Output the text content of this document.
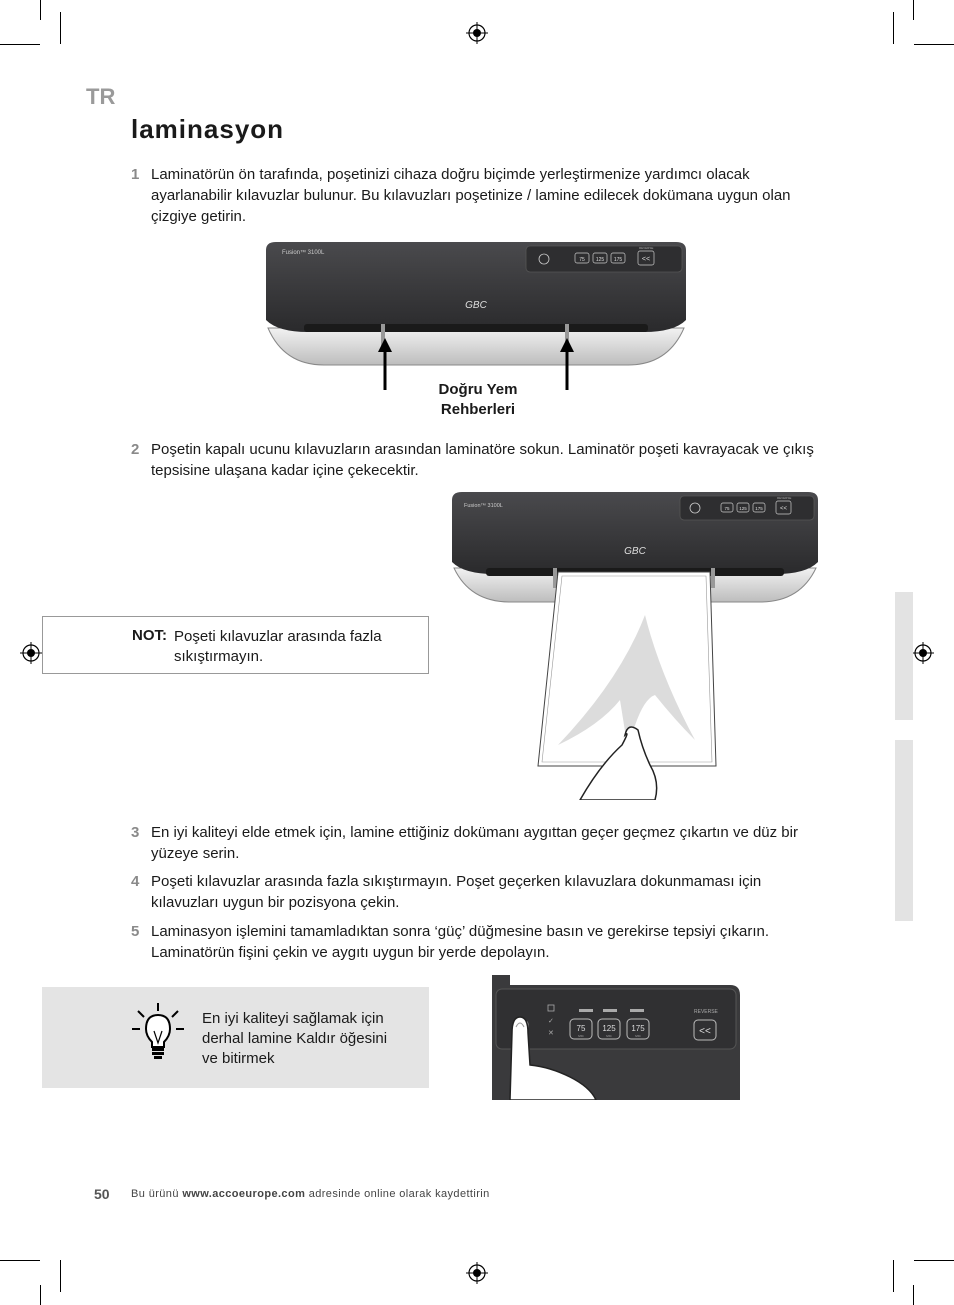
TR
laminasyon
1 Laminatörün ön tarafında, poşetinizi cihaza doğru biçimde yerleştirmenize yardımcı olacak ayarlanabilir kılavuzlar bulunur. Bu kılavuzları poşetinize / lamine edilecek dokümana uygun olan çizgiye getirin.
75 125 175	<<
REVERSE
Fusion™ 3100L
GBC
Doğru Yem
Rehberleri
2 Poşetin kapalı ucunu kılavuzların arasından laminatöre sokun. Laminatör poşeti kavrayacak ve çıkış tepsisine ulaşana kadar içine çekecektir.
75 125 175	<<
REVERSE
Fusion™ 3100L
GBC
NOT: Poşeti kılavuzlar arasında fazla sıkıştırmayın.
3 En iyi kaliteyi elde etmek için, lamine ettiğiniz dokümanı aygıttan geçer geçmez çıkartın ve düz bir yüzeye serin.
4 Poşeti kılavuzlar arasında fazla sıkıştırmayın. Poşet geçerken kılavuzlara dokunmaması için kılavuzları uygun bir pozisyona çekin.
5 Laminasyon işlemini tamamladıktan sonra ‘güç’ düğmesine basın ve gerekirse tepsiyi çıkarın. Laminatörün fişini çekin ve aygıtı uygun bir yerde depolayın.
En iyi kaliteyi sağlamak için derhal lamine Kaldır öğesini ve bitirmek
75 125 175
MIC	MIC	MIC
REVERSE
<<
✓
✕
50 Bu ürünü www.accoeurope.com adresinde online olarak kaydettirin
